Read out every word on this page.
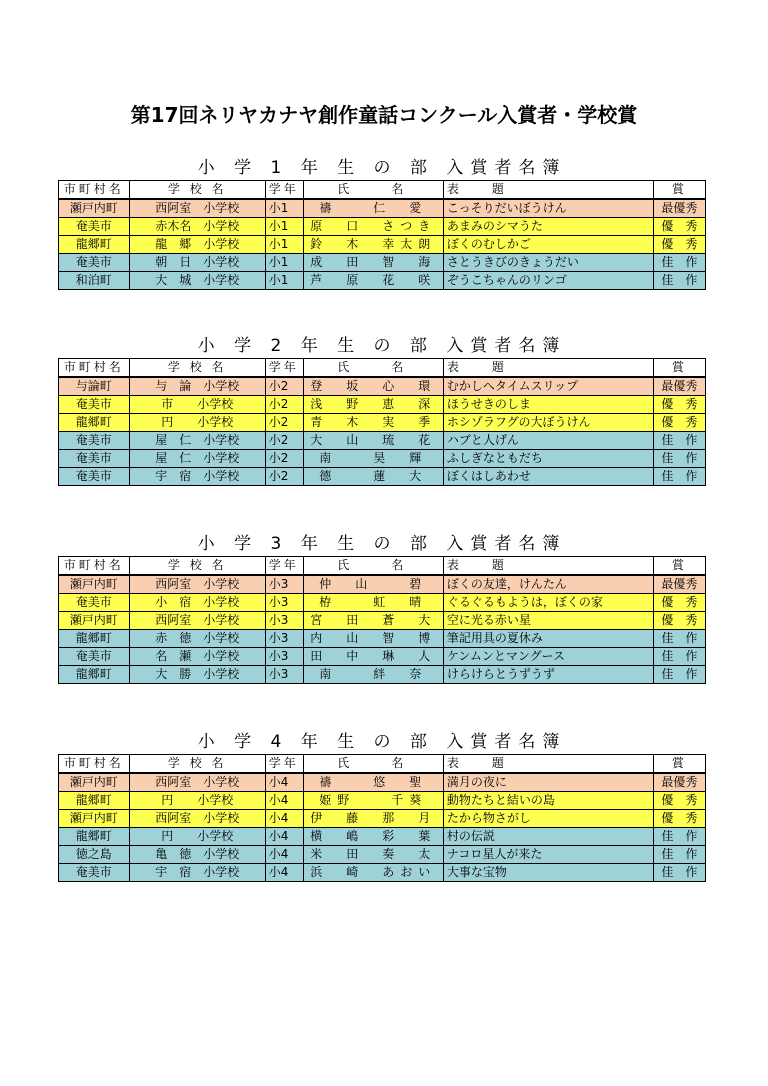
第17回ネリヤカナヤ創作童話コンクール入賞者・学校賞
小 学 1 年 生 の 部 入賞者名簿
市町村名	学 校 名	学年	氏　　名	表　　題	賞
瀬戸内町	西阿室　小学校	小1	禱　　仁　愛	こっそりだいぼうけん	最優秀
奄美市	赤木名　小学校	小1	原　口　さつき	あまみのシマうた	優　秀
龍郷町	龍　郷　小学校	小1	鈴　木　幸太朗	ぼくのむしかご	優　秀
奄美市	朝　日　小学校	小1	成　田　智　海	さとうきびのきょうだい	佳　作
和泊町	大　城　小学校	小1	芦　原　花　咲	ぞうこちゃんのリンゴ	佳　作
小 学 2 年 生 の 部 入賞者名簿
市町村名	学 校 名	学年	氏　　名	表　　題	賞
与論町	与　論　小学校	小2	登　坂　心　環	むかしへタイムスリップ	最優秀
奄美市	市　　小学校	小2	浅　野　恵　深	ほうせきのしま	優　秀
龍郷町	円　　小学校	小2	青　木　実　季	ホシゾラフグの大ぼうけん	優　秀
奄美市	屋　仁　小学校	小2	大　山　琉　花	ハブと人げん	佳　作
奄美市	屋　仁　小学校	小2	南　　昊　輝	ふしぎなともだち	佳　作
奄美市	宇　宿　小学校	小2	德　　蓮　大	ぼくはしあわせ	佳　作
小 学 3 年 生 の 部 入賞者名簿
市町村名	学 校 名	学年	氏　　名	表　　題	賞
瀬戸内町	西阿室　小学校	小3	仲　山　　碧	ぼくの友達，けんたん	最優秀
奄美市	小　宿　小学校	小3	栫　　虹　晴	ぐるぐるもようは，ぼくの家	優　秀
瀬戸内町	西阿室　小学校	小3	宮　田　蒼　大	空に光る赤い星	優　秀
龍郷町	赤　徳　小学校	小3	内　山　智　博	筆記用具の夏休み	佳　作
奄美市	名　瀬　小学校	小3	田　中　琳　人	ケンムンとマングース	佳　作
龍郷町	大　勝　小学校	小3	南　　絆　奈	けらけらとうずうず	佳　作
小 学 4 年 生 の 部 入賞者名簿
市町村名	学 校 名	学年	氏　　名	表　　題	賞
瀬戸内町	西阿室　小学校	小4	禱　　悠　聖	満月の夜に	最優秀
龍郷町	円　　小学校	小4	姫野　　千葵	動物たちと結いの島	優　秀
瀬戸内町	西阿室　小学校	小4	伊　藤　那　月	たから物さがし	優　秀
龍郷町	円　　小学校	小4	横　嶋　彩　葉	村の伝説	佳　作
徳之島	亀　徳　小学校	小4	米　田　奏　太	ナコロ星人が来た	佳　作
奄美市	宇　宿　小学校	小4	浜　崎　あおい	大事な宝物	佳　作
